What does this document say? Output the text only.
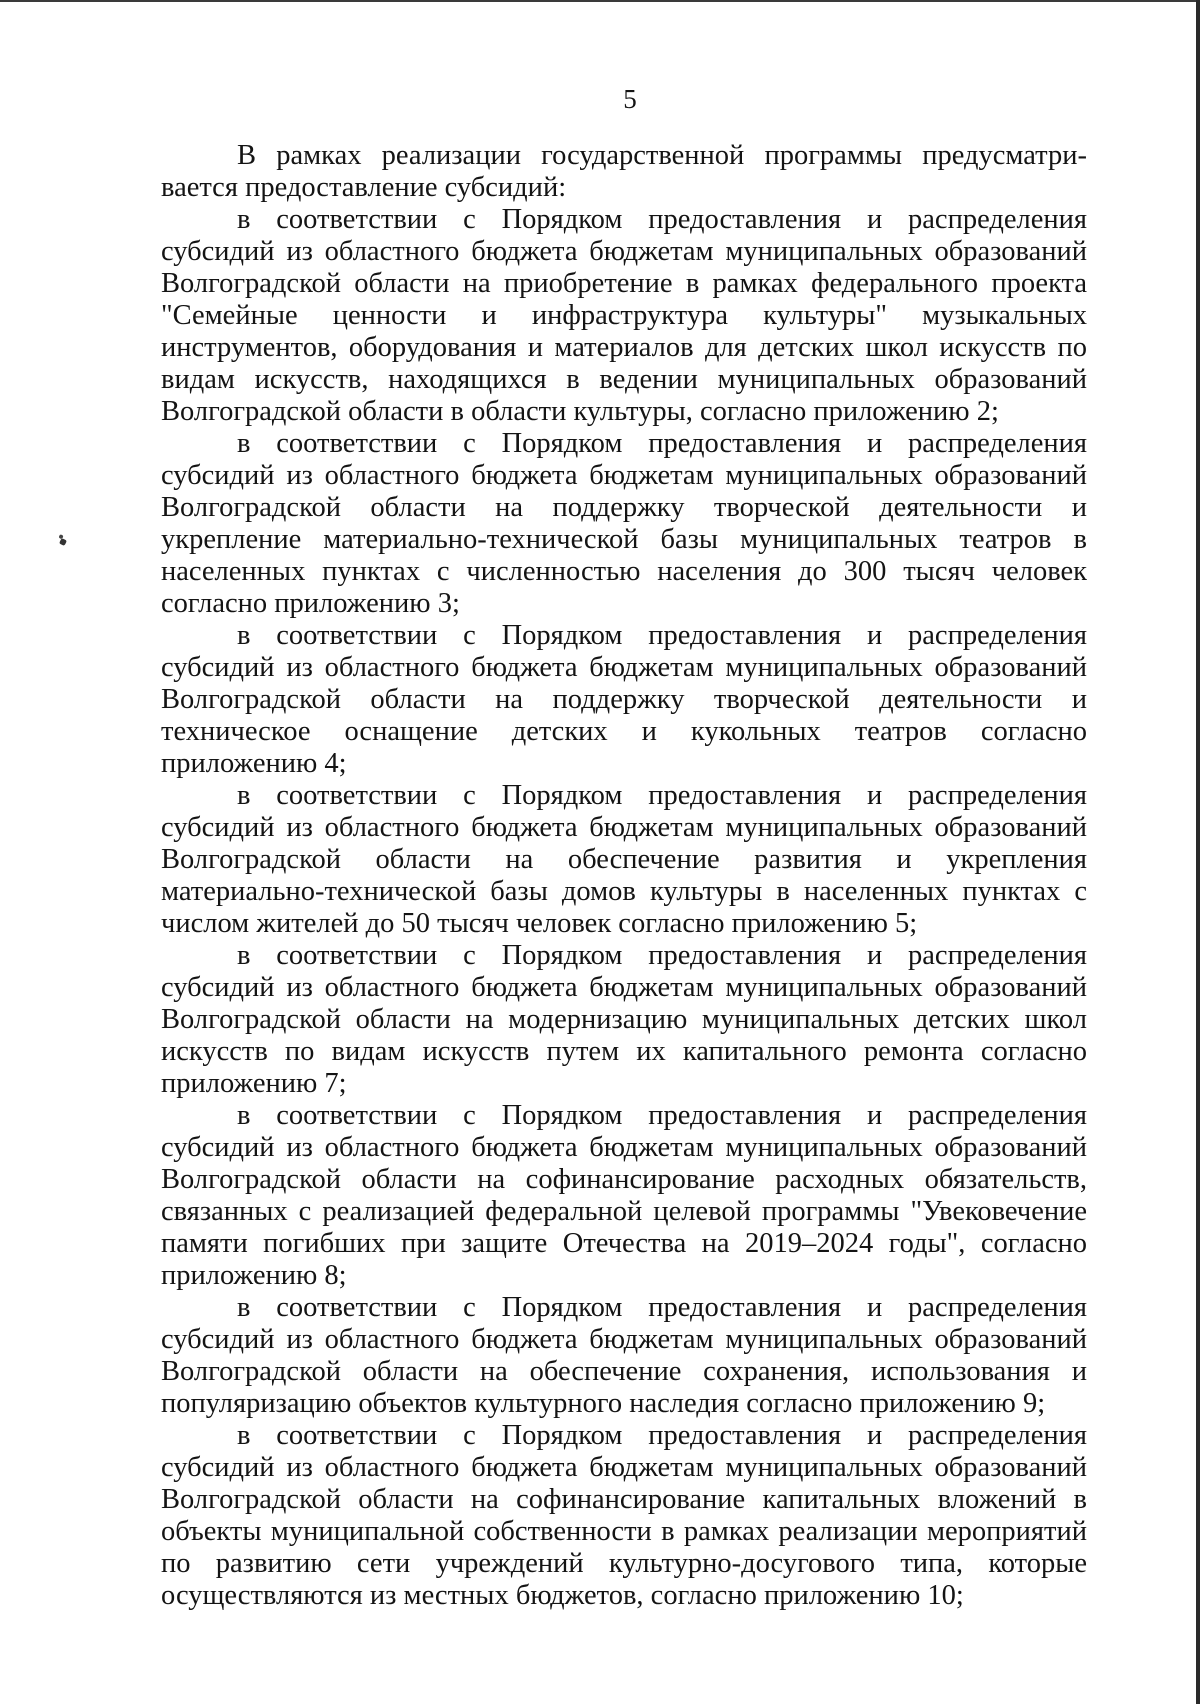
5

В рамках реализации государственной программы предусматривается предоставление субсидий:

в соответствии с Порядком предоставления и распределения субсидий из областного бюджета бюджетам муниципальных образований Волгоградской области на приобретение в рамках федерального проекта "Семейные ценности и инфраструктура культуры" музыкальных инструментов, оборудования и материалов для детских школ искусств по видам искусств, находящихся в ведении муниципальных образований Волгоградской области в области культуры, согласно приложению 2;

в соответствии с Порядком предоставления и распределения субсидий из областного бюджета бюджетам муниципальных образований Волгоградской области на поддержку творческой деятельности и укрепление материально-технической базы муниципальных театров в населенных пунктах с численностью населения до 300 тысяч человек согласно приложению 3;

в соответствии с Порядком предоставления и распределения субсидий из областного бюджета бюджетам муниципальных образований Волгоградской области на поддержку творческой деятельности и техническое оснащение детских и кукольных театров согласно приложению 4;

в соответствии с Порядком предоставления и распределения субсидий из областного бюджета бюджетам муниципальных образований Волгоградской области на обеспечение развития и укрепления материально-технической базы домов культуры в населенных пунктах с числом жителей до 50 тысяч человек согласно приложению 5;

в соответствии с Порядком предоставления и распределения субсидий из областного бюджета бюджетам муниципальных образований Волгоградской области на модернизацию муниципальных детских школ искусств по видам искусств путем их капитального ремонта согласно приложению 7;

в соответствии с Порядком предоставления и распределения субсидий из областного бюджета бюджетам муниципальных образований Волгоградской области на софинансирование расходных обязательств, связанных с реализацией федеральной целевой программы "Увековечение памяти погибших при защите Отечества на 2019–2024 годы", согласно приложению 8;

в соответствии с Порядком предоставления и распределения субсидий из областного бюджета бюджетам муниципальных образований Волгоградской области на обеспечение сохранения, использования и популяризацию объектов культурного наследия согласно приложению 9;

в соответствии с Порядком предоставления и распределения субсидий из областного бюджета бюджетам муниципальных образований Волгоградской области на софинансирование капитальных вложений в объекты муниципальной собственности в рамках реализации мероприятий по развитию сети учреждений культурно-досугового типа, которые осуществляются из местных бюджетов, согласно приложению 10;
